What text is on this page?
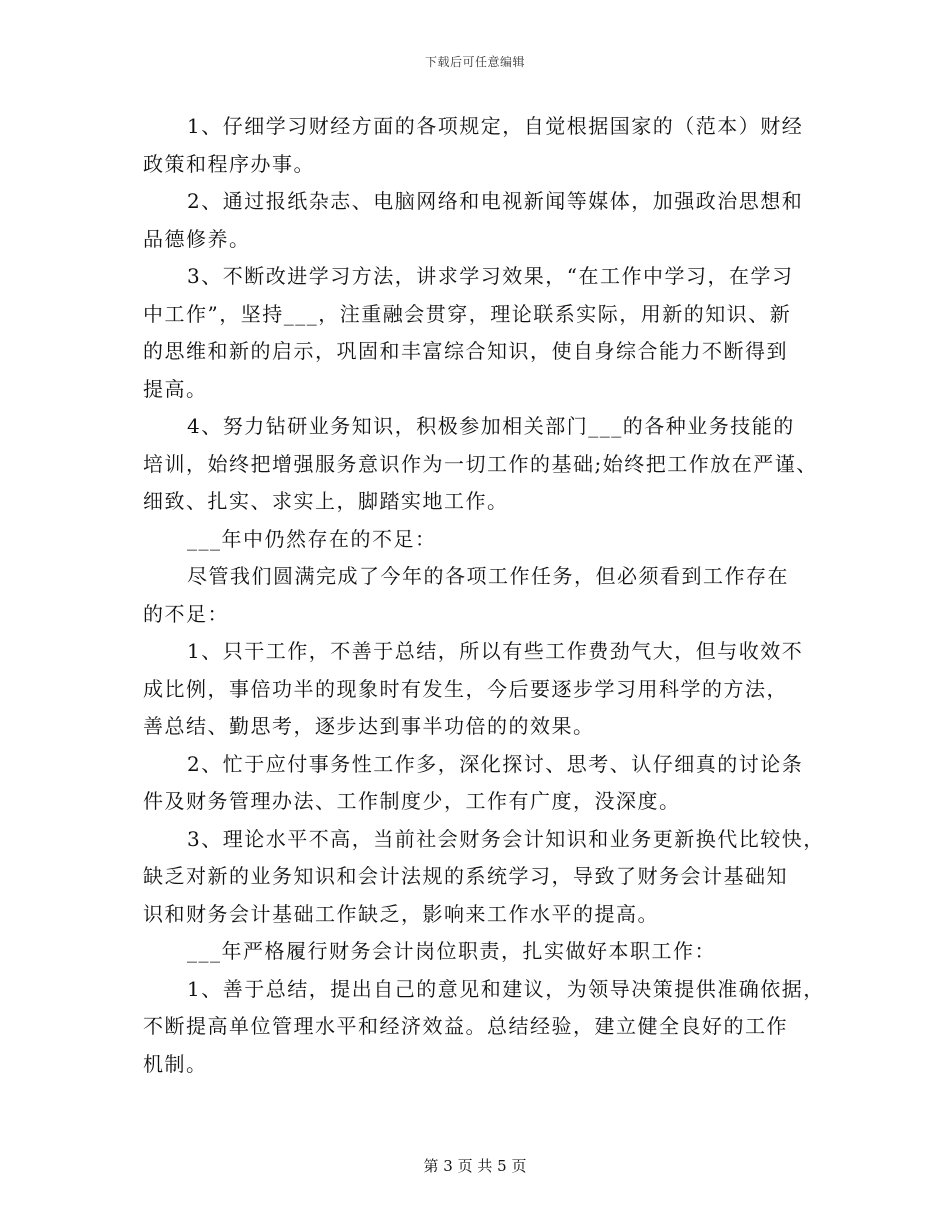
下载后可任意编辑
1、仔细学习财经方面的各项规定，自觉根据国家的（范本）财经
政策和程序办事。
2、通过报纸杂志、电脑网络和电视新闻等媒体，加强政治思想和
品德修养。
3、不断改进学习方法，讲求学习效果，“在工作中学习，在学习
中工作”，坚持___，注重融会贯穿，理论联系实际，用新的知识、新
的思维和新的启示，巩固和丰富综合知识，使自身综合能力不断得到
提高。
4、努力钻研业务知识，积极参加相关部门___的各种业务技能的
培训，始终把增强服务意识作为一切工作的基础;始终把工作放在严谨、
细致、扎实、求实上，脚踏实地工作。
___年中仍然存在的不足：
尽管我们圆满完成了今年的各项工作任务，但必须看到工作存在
的不足：
1、只干工作，不善于总结，所以有些工作费劲气大，但与收效不
成比例，事倍功半的现象时有发生，今后要逐步学习用科学的方法，
善总结、勤思考，逐步达到事半功倍的的效果。
2、忙于应付事务性工作多，深化探讨、思考、认仔细真的讨论条
件及财务管理办法、工作制度少，工作有广度，没深度。
3、理论水平不高，当前社会财务会计知识和业务更新换代比较快，
缺乏对新的业务知识和会计法规的系统学习，导致了财务会计基础知
识和财务会计基础工作缺乏，影响来工作水平的提高。
___年严格履行财务会计岗位职责，扎实做好本职工作：
1、善于总结，提出自己的意见和建议，为领导决策提供准确依据，
不断提高单位管理水平和经济效益。总结经验，建立健全良好的工作
机制。
第 3 页 共 5 页
